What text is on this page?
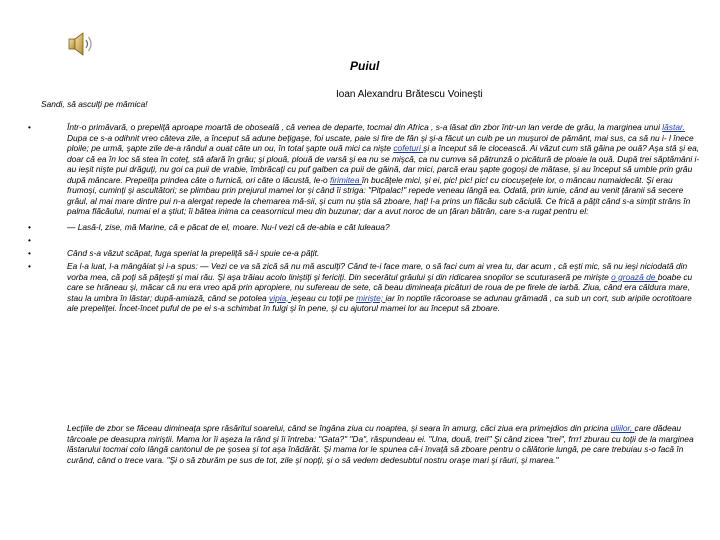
Puiul
Ioan Alexandru Brătescu Voineşti
Sandi, să asculţi pe mămica!
• Într-o primăvară, o prepeliţă aproape moartă de oboseală , că venea de departe, tocmai din Africa , s-a lăsat din zbor într-un lan verde de grâu, la marginea unui lăstar. Dupa ce s-a odihnit vreo câteva zile, a început să adune beţigaşe, foi uscate, paie si fire de fân şi şi-a făcut un cuib pe un muşuroi de pământ, mai sus, ca să nu i- l înece ploile; pe urmă, şapte zile de-a rândul a ouat câte un ou, în total şapte ouă mici ca nişte cofeturi şi a început să le clocească. Ai văzut cum stă găina pe ouă? Aşa stă şi ea, doar că ea în loc să stea în coteţ, stă afară în grâu; şi plouă, plouă de varsă şi ea nu se mişcă, ca nu cumva să pătrunză o picătură de ploaie la ouă. După trei săptămâni i-au ieşit nişte pui drăguţi, nu goi ca puii de vrabie, îmbrăcaţi cu puf galben ca puii de găină, dar mici, parcă erau şapte gogoşi de mătase, şi au început să umble prin grâu după mâncare. Prepeliţa prindea câte o furnică, ori câte o lăcustă, le-o firimitea în bucăţele mici, şi ei, pic! pic! pic! cu ciocuşeţele lor, o mâncau numaidecât. Şi erau frumoşi, cuminţi şi ascultători; se plimbau prin prejurul mamei lor şi când îi striga: "Pitpalac!" repede veneau lângă ea. Odată, prin iunie, când au venit ţăranii să secere grâul, al mai mare dintre pui n-a alergat repede la chemarea mă-sii, şi cum nu ştia să zboare, haţ! l-a prins un flăcău sub căciulă. Ce frică a păţit când s-a simţit strâns în palma flăcăului, numai el a ştiut; îi bătea inima ca ceasornicul meu din buzunar; dar a avut noroc de un ţăran bătrân, care s-a rugat pentru el:
• — Lasă-l, zise, mă Marine, că e păcat de el, moare. Nu-l vezi că de-abia e cât luleaua?
•
• Când s-a văzut scăpat, fuga speriat la prepeliţă să-i spuie ce-a păţit.
• Ea l-a luat, l-a mângâiat şi i-a spus: — Vezi ce va să zică să nu mă asculţi? Când te-i face mare, o să faci cum ai vrea tu, dar acum , că eşti mic, să nu ieşi niciodată din vorba mea, că poţi să păţeşti şi mai rău. Şi aşa trăiau acolo liniştiţi şi fericiţi. Din secerătul grâului şi din ridicarea snopilor se scuturaseră pe mirişte o groază de boabe cu care se hrăneau şi, măcar că nu era vreo apă prin apropiere, nu sufereau de sete, că beau dimineaţa picături de roua de pe firele de iarbă. Ziua, când era căldura mare, stau la umbra în lăstar; după-amiază, când se potolea vipia, ieşeau cu toţii pe mirişte; iar în noptile răcoroase se adunau grămadă , ca sub un cort, sub aripile ocrotitoare ale prepeliţei. Încet-încet puful de pe ei s-a schimbat în fulgi şi în pene, şi cu ajutorul mamei lor au început să zboare.
Lecţiile de zbor se făceau dimineaţa spre răsăritul soarelui, când se îngâna ziua cu noaptea, şi seara în amurg, căci ziua era primejdios din pricina uliilor, care dădeau târcoale pe deasupra miriştii. Mama lor îi aşeza la rând şi îi întreba: "Gata?" "Da", răspundeau ei. "Una, două, trei!" Şi când zicea "trei", frrr! zburau cu toţii de la marginea lăstarului tocmai colo lângă cantonul de pe şosea şi tot aşa înădărăt. Şi mama lor le spunea că-i învaţă să zboare pentru o călătorie lungă, pe care trebuiau s-o facă în curând, când o trece vara. "Şi o să zburăm pe sus de tot, zile şi nopţi, şi o să vedem dedesubtul nostru oraşe mari şi râuri, şi marea."
